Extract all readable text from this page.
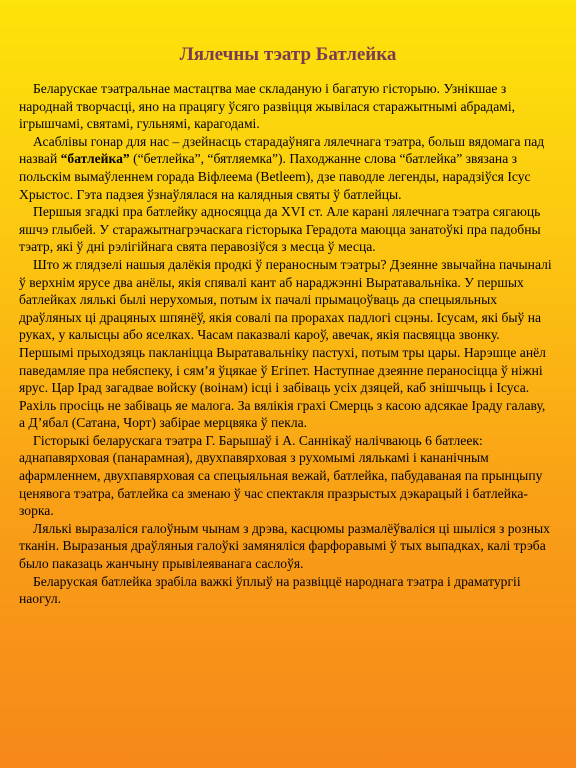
Лялечны тэатр Батлейка

Беларускае тэатральнае мастацтва мае складаную і багатую гісторыю. Узнікшае з народнай творчасці, яно на працягу ўсяго развіцця жывілася старажытнымі абрадамі, ігрышчамі, святамі, гульнямі, карагодамі.

Асаблівы гонар для нас – дзейнасць старадаўняга лялечнага тэатра, больш вядомага пад назвай “батлейка” (“бетлейка”, “бятляемка”). Паходжанне слова “батлейка” звязана з польскім вымаўленнем горада Віфлеема (Betleem), дзе паводле легенды, нарадзіўся Ісус Хрыстос. Гэта падзея ўзнаўлялася на калядныя святы ў батлейцы.

Першыя згадкі пра батлейку адносяцца да XVI ст. Але карані лялечнага тэатра сягаюць яшчэ глыбей. У старажытнагрэчаскага гісторыка Герадота маюцца занатоўкі пра падобны тэатр, які ў дні рэлігійнага свята перавозіўся з месца ў месца.

Што ж глядзелі нашыя далёкія продкі ў пераносным тэатры? Дзеянне звычайна пачыналі ў верхнім ярусе два анёлы, якія спявалі кант аб нараджэнні Выратавальніка. У першых батлейках лялькі былі нерухомыя, потым іх пачалі прымацоўваць да спецыяльных драўляных ці драцяных шпянёў, якія совалі па прорахах падлогі сцэны. Ісусам, які быў на руках, у калысцы або яселках. Часам паказвалі кароў, авечак, якія пасвяцца звонку. Першымі прыходзяць пакланіцца Выратавальніку пастухі, потым тры цары. Нарэшце анёл паведамляе пра небяспеку, і сям’я ўцякае ў Егіпет. Наступнае дзеянне пераносіцца ў ніжні ярус. Цар Ірад загадвае войску (воінам) ісці і забіваць усіх дзяцей, каб знішчыць і Ісуса. Рахіль просіць не забіваць яе малога. За вялікія грахі Смерць з касою адсякае Іраду галаву, а Д’ябал (Сатана, Чорт) забірае мерцвяка ў пекла.

Гісторыкі беларускага тэатра Г. Барышаў і А. Саннікаў налічваюць 6 батлеек: аднапавярховая (панарамная), двухпавярховая з рухомымі лялькамі і кананічным афармленнем, двухпавярховая са спецыяльная вежай, батлейка, пабудаваная па прынцыпу ценявога тэатра, батлейка са зменаю ў час спектакля празрыстых дэкарацый і батлейка-зорка.

Лялькі выразаліся галоўным чынам з дрэва, касцюмы размалёўваліся ці шыліся з розных тканін. Выразаныя драўляныя галоўкі замяняліся фарфоравымі ў тых выпадках, калі трэба было паказаць жанчыну прывілеяванага саслоўя.

Беларуская батлейка зрабіла важкі ўплыў на развіццё народнага тэатра і драматургіі наогул.
